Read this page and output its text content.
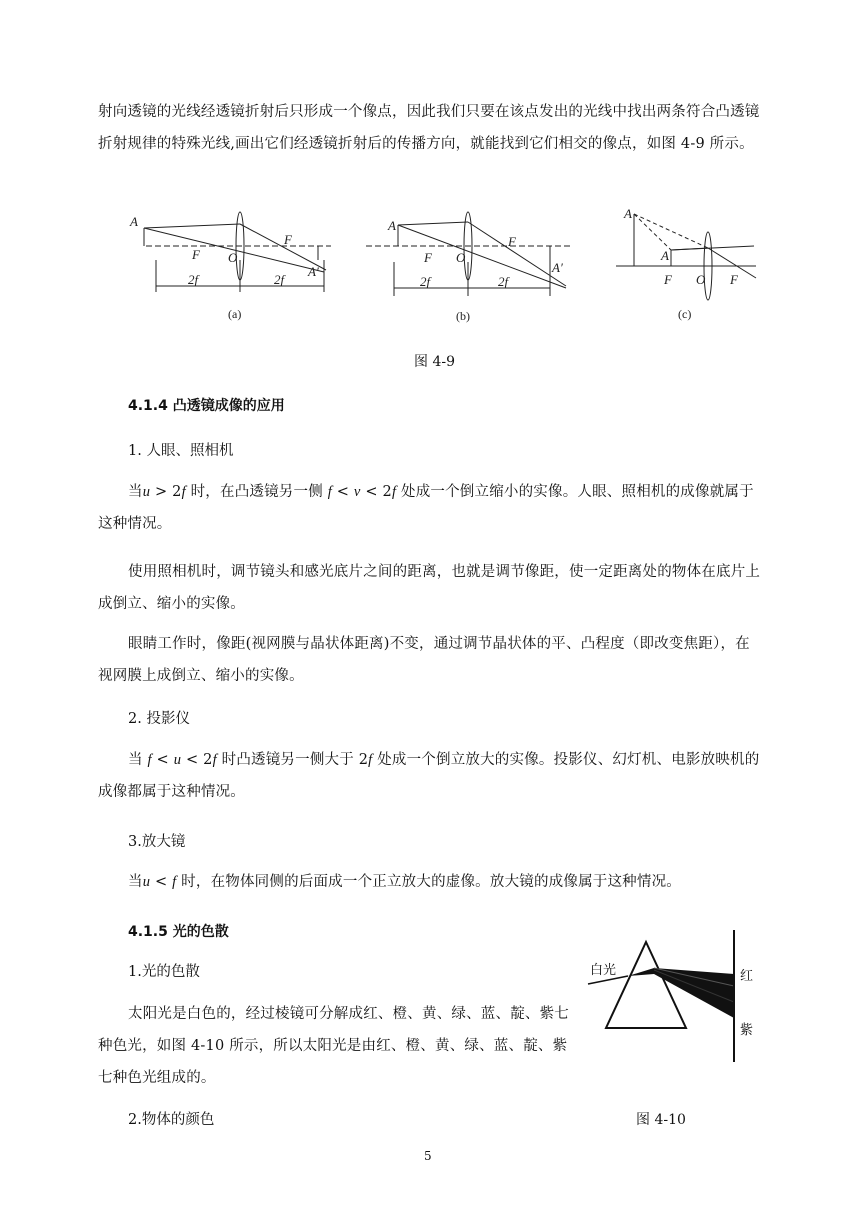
射向透镜的光线经透镜折射后只形成一个像点，因此我们只要在该点发出的光线中找出两条符合凸透镜折射规律的特殊光线,画出它们经透镜折射后的传播方向，就能找到它们相交的像点，如图 4-9 所示。
A
F O
F
A′
2f	2f
A
F O
F
A′
2f	2f
A
A
F O F
(a)	(b)	(c)
图 4-9
4.1.4 凸透镜成像的应用
1. 人眼、照相机
当u > 2f 时，在凸透镜另一侧 f < v < 2f 处成一个倒立缩小的实像。人眼、照相机的成像就属于这种情况。
使用照相机时，调节镜头和感光底片之间的距离，也就是调节像距，使一定距离处的物体在底片上成倒立、缩小的实像。
眼睛工作时，像距(视网膜与晶状体距离)不变，通过调节晶状体的平、凸程度（即改变焦距），在视网膜上成倒立、缩小的实像。
2. 投影仪
当 f < u < 2f 时凸透镜另一侧大于 2f 处成一个倒立放大的实像。投影仪、幻灯机、电影放映机的成像都属于这种情况。
3.放大镜
当u < f 时，在物体同侧的后面成一个正立放大的虚像。放大镜的成像属于这种情况。
4.1.5 光的色散
1.光的色散
太阳光是白色的，经过棱镜可分解成红、橙、黄、绿、蓝、靛、紫七种色光，如图 4-10 所示，所以太阳光是由红、橙、黄、绿、蓝、靛、紫七种色光组成的。
白光	红
紫
2.物体的颜色	图 4-10
5
